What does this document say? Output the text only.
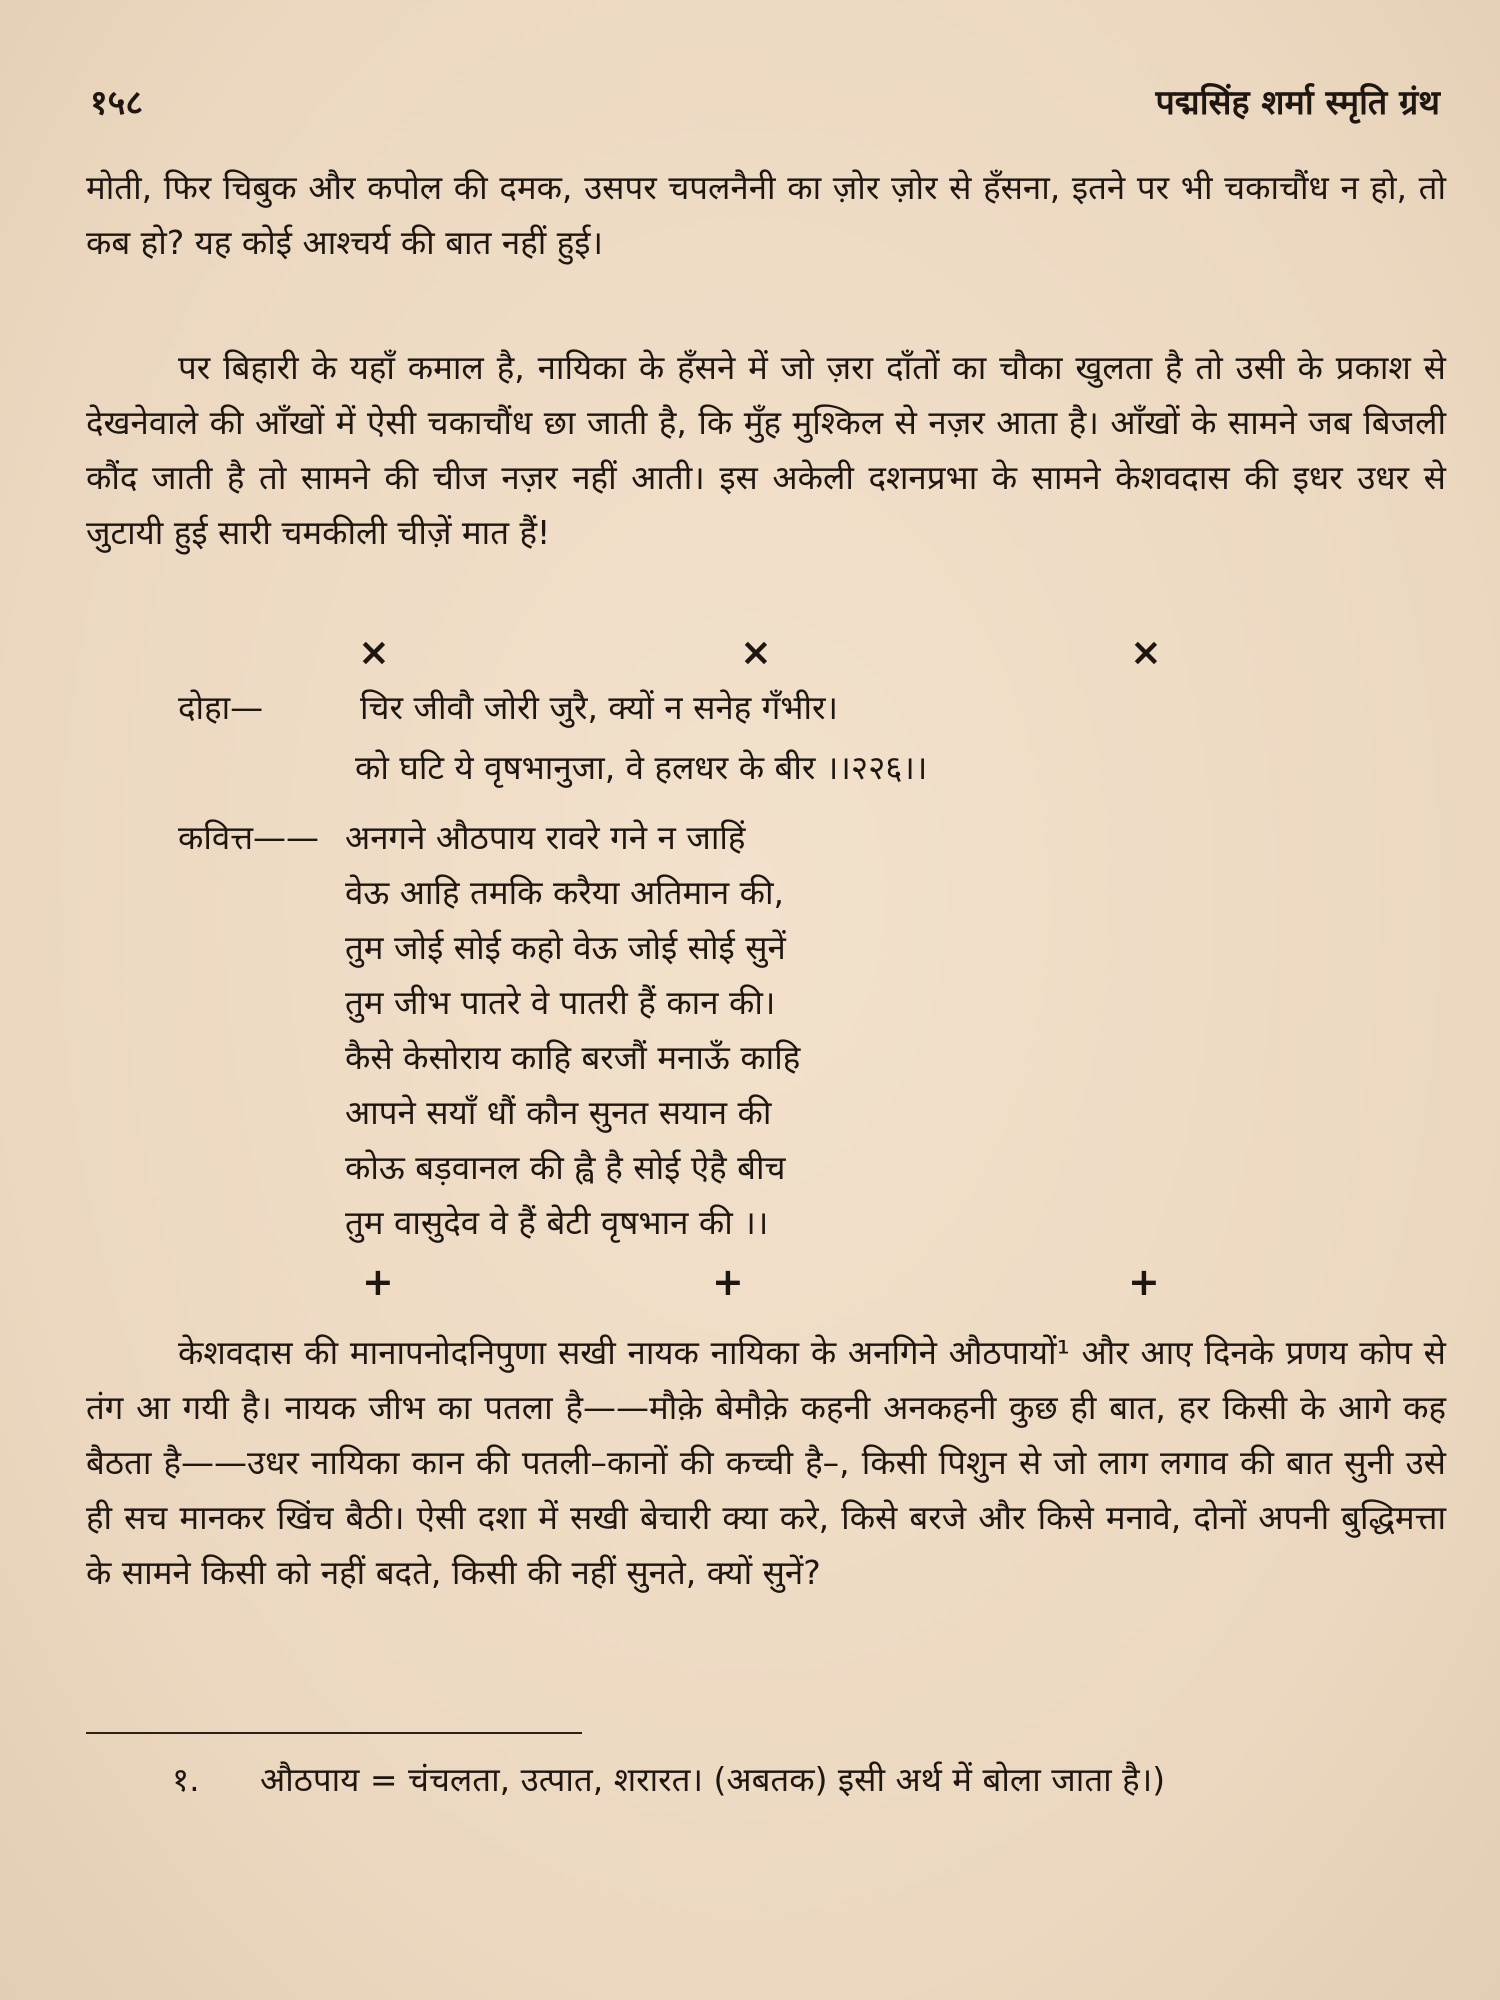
१५८	पद्मसिंह शर्मा स्मृति ग्रंथ

मोती, फिर चिबुक और कपोल की दमक, उसपर चपलनैनी का ज़ोर ज़ोर से हँसना, इतने पर भी चकाचौंध न हो, तो कब हो? यह कोई आश्चर्य की बात नहीं हुई।

पर बिहारी के यहाँ कमाल है, नायिका के हँसने में जो ज़रा दाँतों का चौका खुलता है तो उसी के प्रकाश से देखनेवाले की आँखों में ऐसी चकाचौंध छा जाती है, कि मुँह मुश्किल से नज़र आता है। आँखों के सामने जब बिजली कौंद जाती है तो सामने की चीज नज़र नहीं आती। इस अकेली दशनप्रभा के सामने केशवदास की इधर उधर से जुटायी हुई सारी चमकीली चीज़ें मात हैं!

×	×	×
दोहा—	चिर जीवौ जोरी जुरै, क्यों न सनेह गँभीर।
को घटि ये वृषभानुजा, वे हलधर के बीर ।।२२६।।
कवित्त—— अनगने औठपाय रावरे गने न जाहिं
वेऊ आहि तमकि करैया अतिमान की,
तुम जोई सोई कहो वेऊ जोई सोई सुनें
तुम जीभ पातरे वे पातरी हैं कान की।
कैसे केसोराय काहि बरजौं मनाऊँ काहि
आपने सयाँ धौं कौन सुनत सयान की
कोऊ बड़वानल की ह्वै है सोई ऐहै बीच
तुम वासुदेव वे हैं बेटी वृषभान की ।।
+	+	+

केशवदास की मानापनोदनिपुणा सखी नायक नायिका के अनगिने औठपायों¹ और आए दिनके प्रणय कोप से तंग आ गयी है। नायक जीभ का पतला है——मौक़े बेमौक़े कहनी अनकहनी कुछ ही बात, हर किसी के आगे कह बैठता है——उधर नायिका कान की पतली–कानों की कच्ची है–, किसी पिशुन से जो लाग लगाव की बात सुनी उसे ही सच मानकर खिंच बैठी। ऐसी दशा में सखी बेचारी क्या करे, किसे बरजे और किसे मनावे, दोनों अपनी बुद्धिमत्ता के सामने किसी को नहीं बदते, किसी की नहीं सुनते, क्यों सुनें?

१. औठपाय = चंचलता, उत्पात, शरारत। (अबतक) इसी अर्थ में बोला जाता है।)
